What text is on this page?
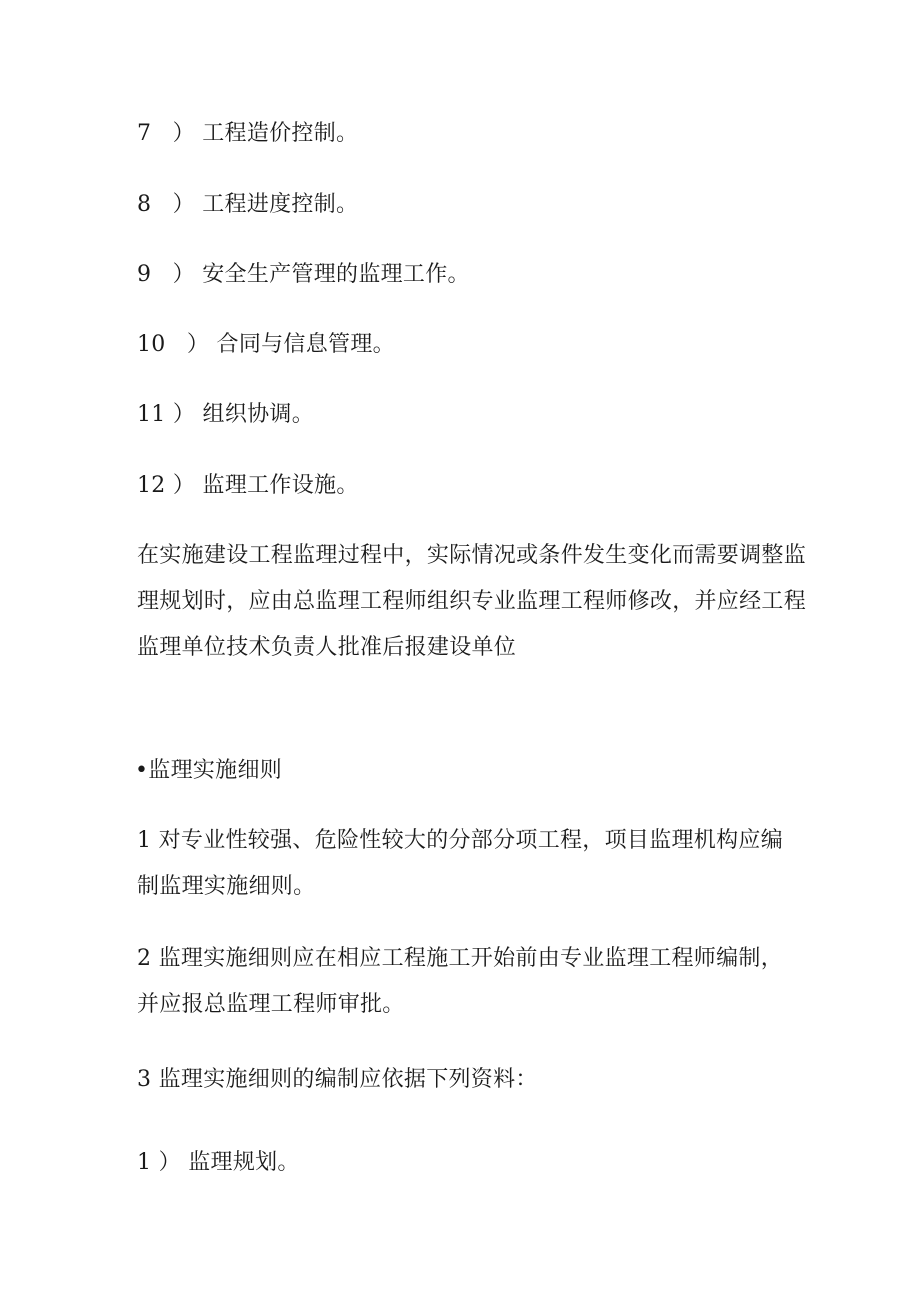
7 ） 工程造价控制。
8 ） 工程进度控制。
9 ） 安全生产管理的监理工作。
10 ） 合同与信息管理。
11 ） 组织协调。
12 ） 监理工作设施。
在实施建设工程监理过程中，实际情况或条件发生变化而需要调整监
理规划时，应由总监理工程师组织专业监理工程师修改，并应经工程
监理单位技术负责人批准后报建设单位
•监理实施细则
1 对专业性较强、危险性较大的分部分项工程，项目监理机构应编
制监理实施细则。
2 监理实施细则应在相应工程施工开始前由专业监理工程师编制，
并应报总监理工程师审批。
3 监理实施细则的编制应依据下列资料：
1 ） 监理规划。
